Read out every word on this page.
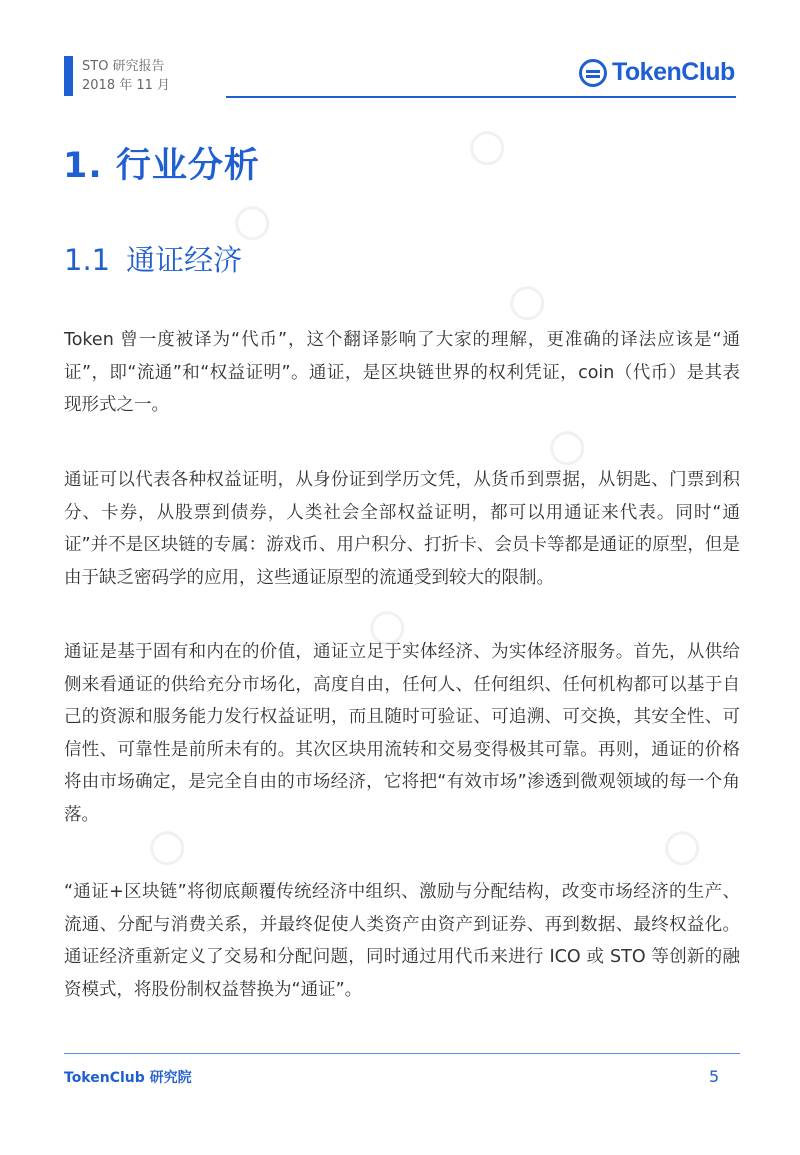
STO 研究报告
2018 年 11 月	TokenClub
1. 行业分析
1.1 通证经济

Token 曾一度被译为“代币”，这个翻译影响了大家的理解，更准确的译法应该是“通证”，即“流通”和“权益证明”。通证，是区块链世界的权利凭证，coin（代币）是其表现形式之一。

通证可以代表各种权益证明，从身份证到学历文凭，从货币到票据，从钥匙、门票到积分、卡券，从股票到债券，人类社会全部权益证明，都可以用通证来代表。同时“通证”并不是区块链的专属：游戏币、用户积分、打折卡、会员卡等都是通证的原型，但是由于缺乏密码学的应用，这些通证原型的流通受到较大的限制。

通证是基于固有和内在的价值，通证立足于实体经济、为实体经济服务。首先，从供给侧来看通证的供给充分市场化，高度自由，任何人、任何组织、任何机构都可以基于自己的资源和服务能力发行权益证明，而且随时可验证、可追溯、可交换，其安全性、可信性、可靠性是前所未有的。其次区块用流转和交易变得极其可靠。再则，通证的价格将由市场确定，是完全自由的市场经济，它将把“有效市场”渗透到微观领域的每一个角落。

“通证+区块链”将彻底颠覆传统经济中组织、激励与分配结构，改变市场经济的生产、流通、分配与消费关系，并最终促使人类资产由资产到证券、再到数据、最终权益化。通证经济重新定义了交易和分配问题，同时通过用代币来进行 ICO 或 STO 等创新的融资模式，将股份制权益替换为“通证”。

TokenClub 研究院	5
